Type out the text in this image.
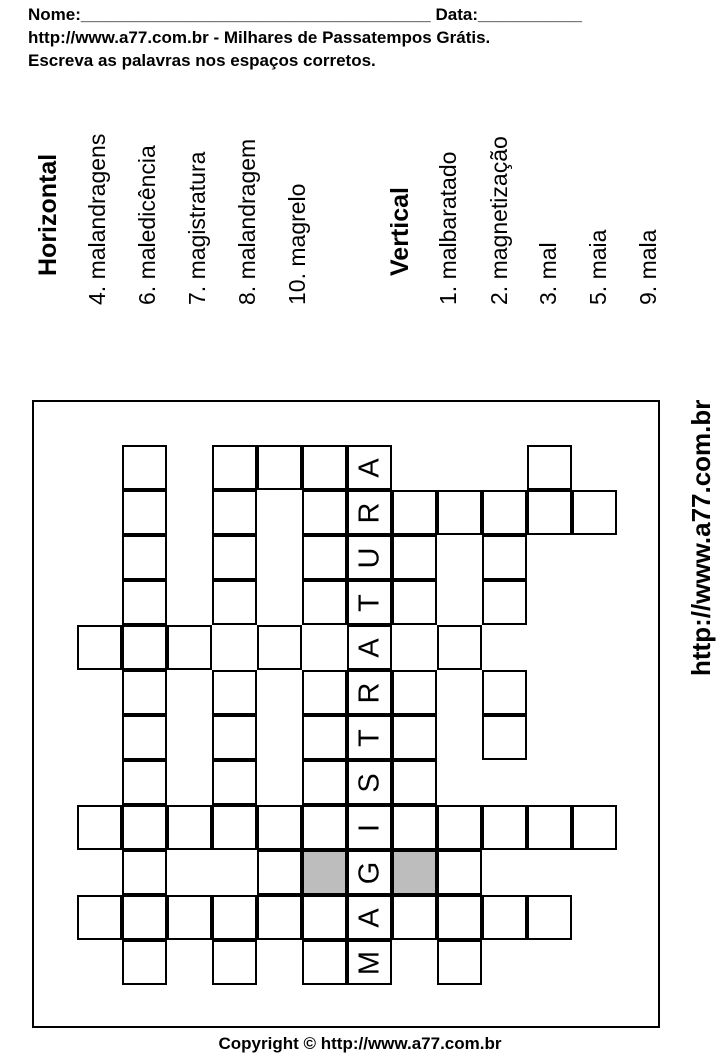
Nome:_____________________________________ Data:___________
http://www.a77.com.br - Milhares de Passatempos Grátis.
Escreva as palavras nos espaços corretos.
Horizontal 4. malandragens 6. maledicência 7. magistratura 8. malandragem 10. magrelo	Vertical 1. malbaratado 2. magnetização 3. mal 5. maia 9. mala
http://www.a77.com.br
A
R
U
T
A
R
T
S
I
G
A
M
Copyright © http://www.a77.com.br
